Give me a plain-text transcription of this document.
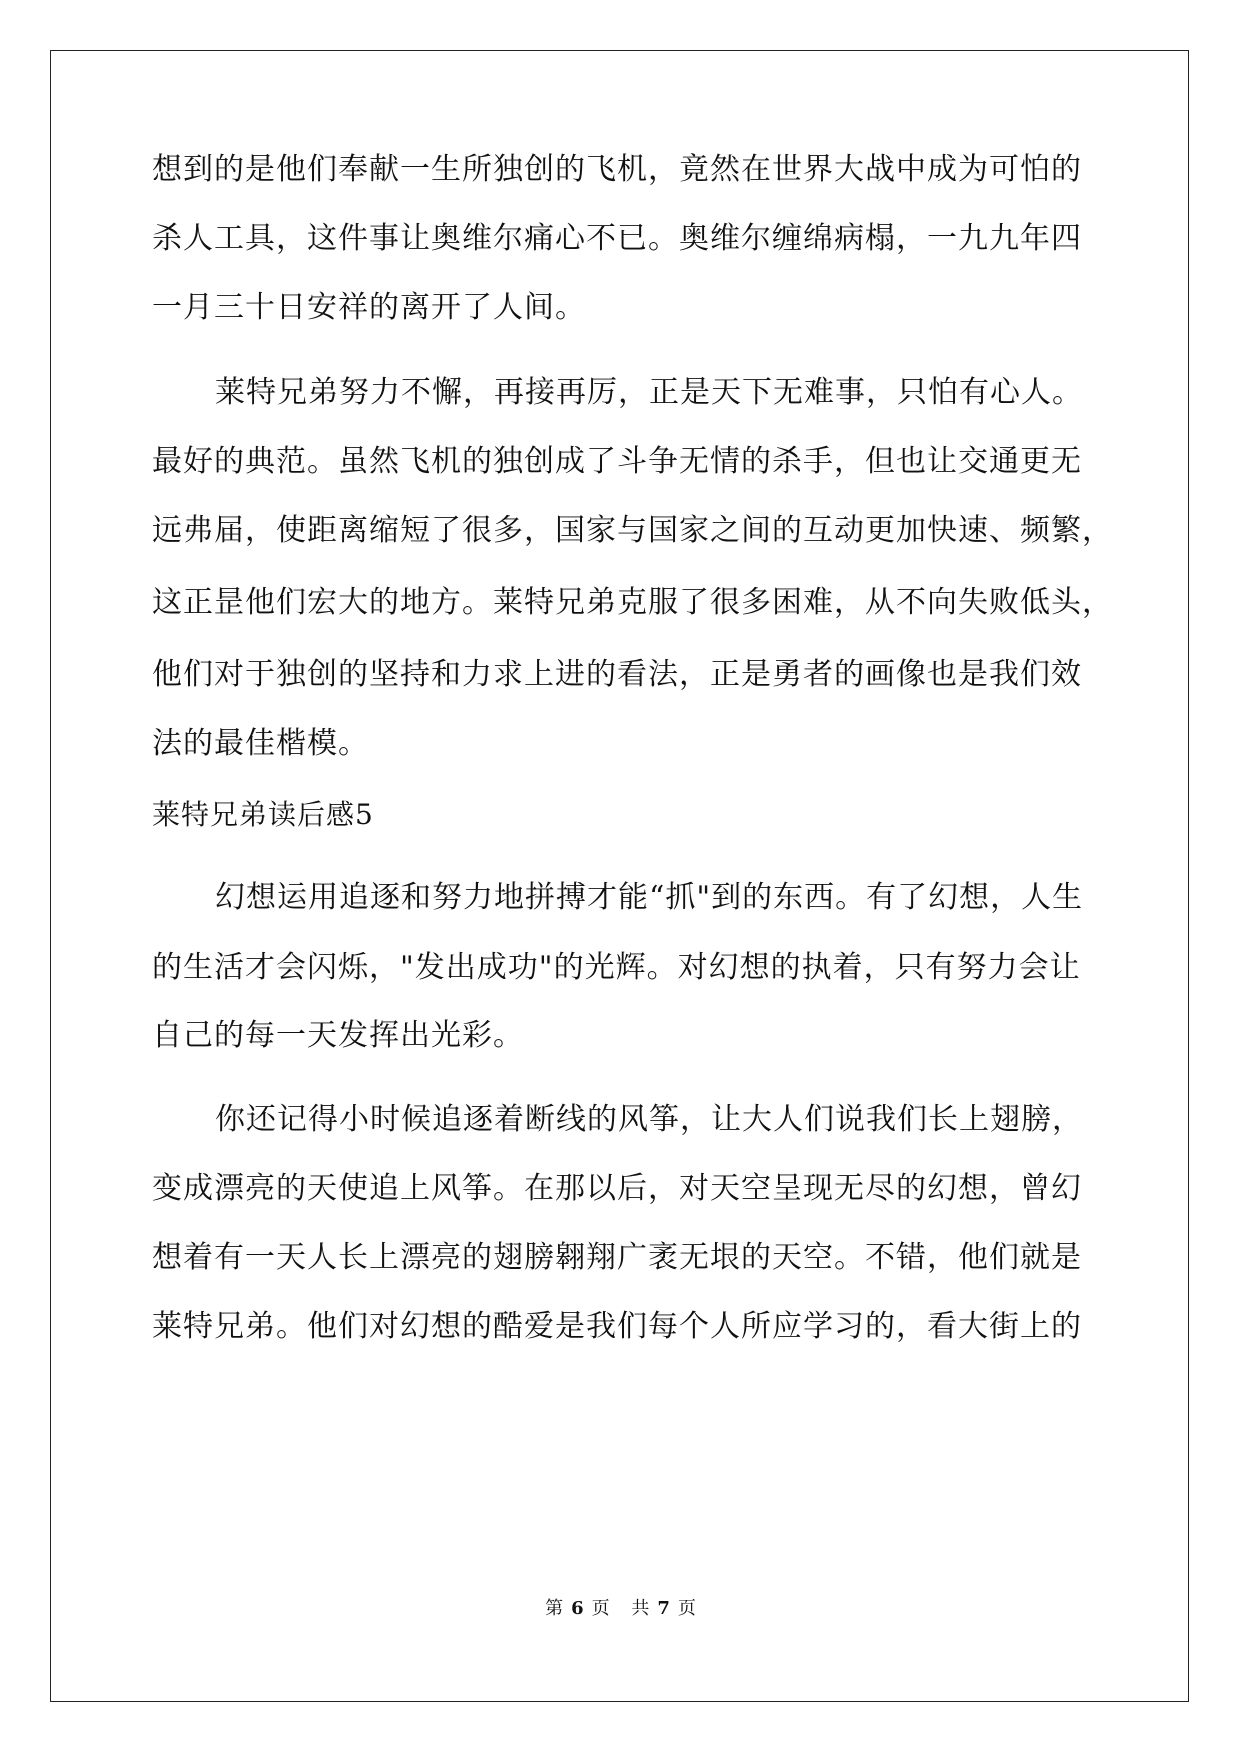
想到的是他们奉献一生所独创的飞机，竟然在世界大战中成为可怕的
杀人工具，这件事让奥维尔痛心不已。奥维尔缠绵病榻，一九九年四
一月三十日安祥的离开了人间。
莱特兄弟努力不懈，再接再厉，正是天下无难事，只怕有心人。
最好的典范。虽然飞机的独创成了斗争无情的杀手，但也让交通更无
远弗届，使距离缩短了很多，国家与国家之间的互动更加快速、频繁，
这正昰他们宏大的地方。莱特兄弟克服了很多困难，从不向失败低头，
他们对于独创的坚持和力求上进的看法，正是勇者的画像也是我们效
法的最佳楷模。
莱特兄弟读后感5
幻想运用追逐和努力地拼搏才能“抓"到的东西。有了幻想，人生
的生活才会闪烁，"发出成功"的光辉。对幻想的执着，只有努力会让
自己的每一天发挥出光彩。
你还记得小时候追逐着断线的风筝，让大人们说我们长上翅膀，
变成漂亮的天使追上风筝。在那以后，对天空呈现无尽的幻想，曾幻
想着有一天人长上漂亮的翅膀翱翔广袤无垠的天空。不错，他们就是
莱特兄弟。他们对幻想的酷爱是我们每个人所应学习的，看大街上的
第 6 页 共 7 页
